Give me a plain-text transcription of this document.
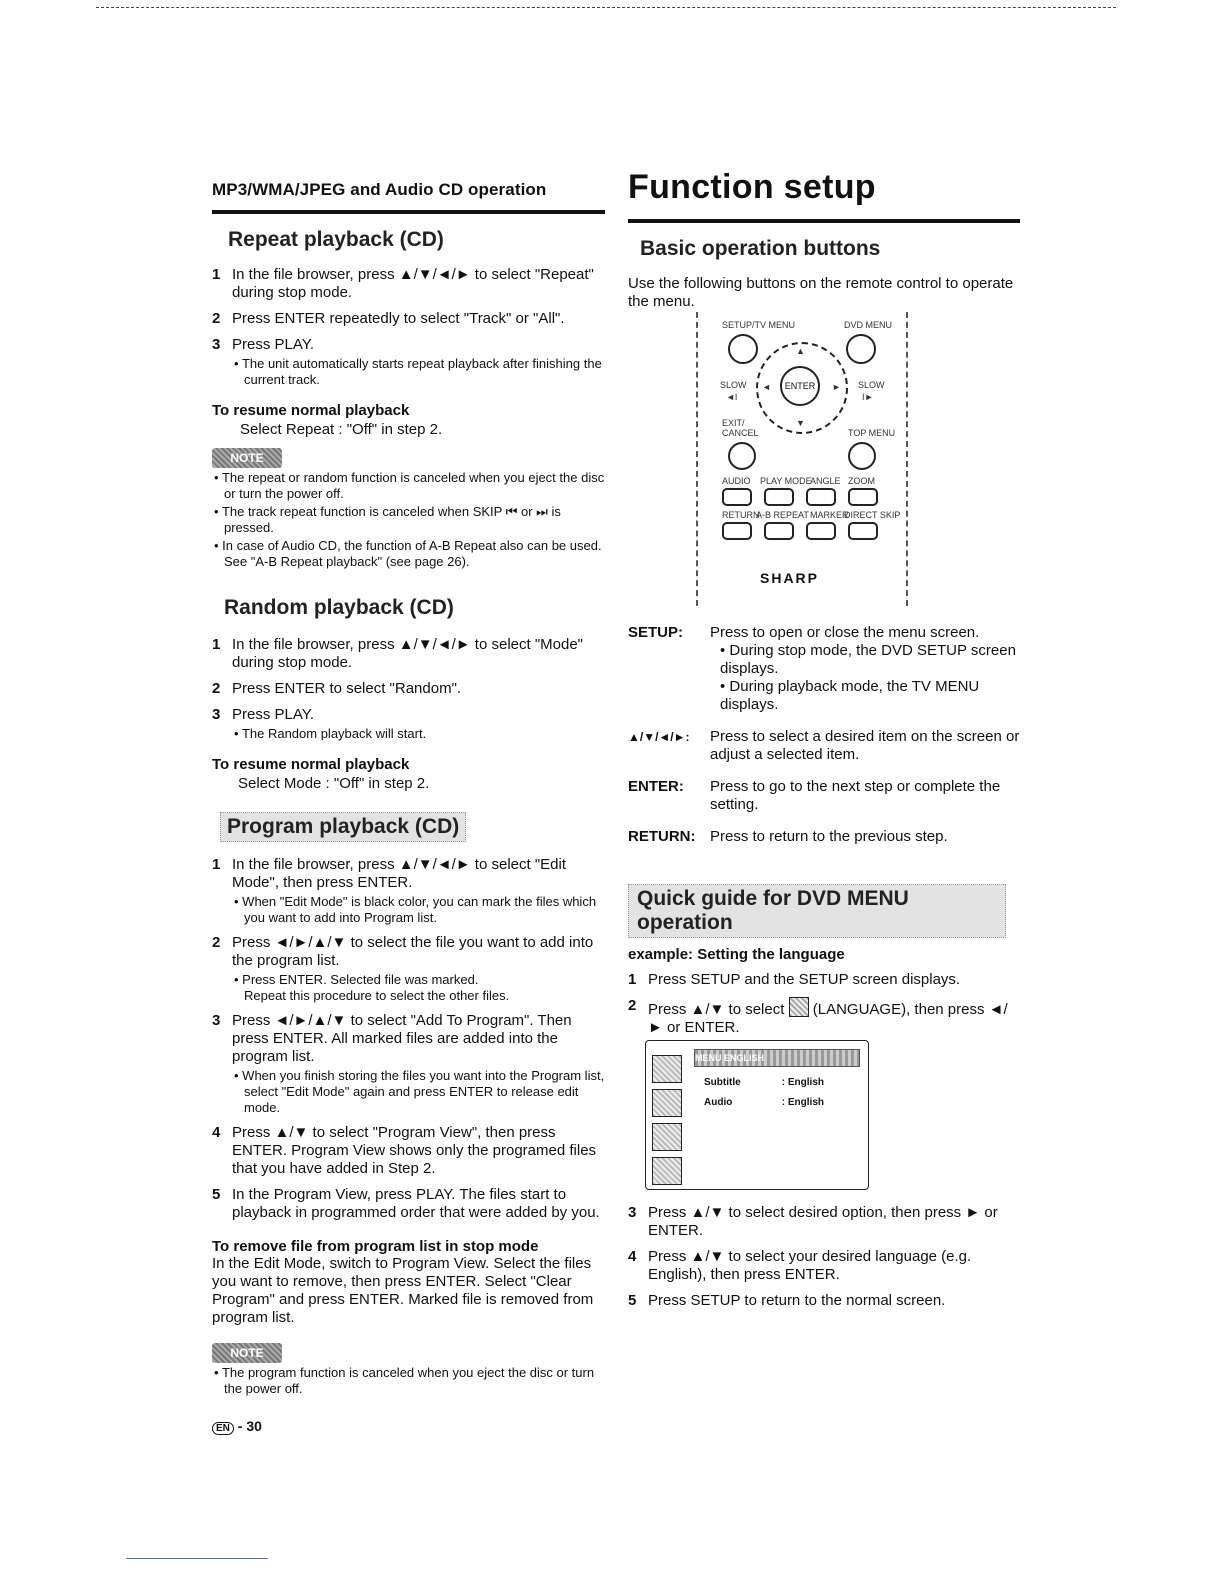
MP3/WMA/JPEG and Audio CD operation
Repeat playback (CD)
1 In the file browser, press ▲/▼/◄/► to select "Repeat" during stop mode.
2 Press ENTER repeatedly to select "Track" or "All".
3 Press PLAY.
• The unit automatically starts repeat playback after finishing the current track.
To resume normal playback
Select Repeat : "Off" in step 2.
NOTE
• The repeat or random function is canceled when you eject the disc or turn the power off.
• The track repeat function is canceled when SKIP ⏮ or ⏭ is pressed.
• In case of Audio CD, the function of A-B Repeat also can be used. See "A-B Repeat playback" (see page 26).
Random playback (CD)
1 In the file browser, press ▲/▼/◄/► to select "Mode" during stop mode.
2 Press ENTER to select "Random".
3 Press PLAY.
• The Random playback will start.
To resume normal playback
Select Mode : "Off" in step 2.
Program playback (CD)
1 In the file browser, press ▲/▼/◄/► to select "Edit Mode", then press ENTER.
• When "Edit Mode" is black color, you can mark the files which you want to add into Program list.
2 Press ◄/►/▲/▼ to select the file you want to add into the program list.
• Press ENTER. Selected file was marked.
Repeat this procedure to select the other files.
3 Press ◄/►/▲/▼ to select "Add To Program". Then press ENTER. All marked files are added into the program list.
• When you finish storing the files you want into the Program list, select "Edit Mode" again and press ENTER to release edit mode.
4 Press ▲/▼ to select "Program View", then press ENTER. Program View shows only the programed files that you have added in Step 2.
5 In the Program View, press PLAY. The files start to playback in programmed order that were added by you.
To remove file from program list in stop mode
In the Edit Mode, switch to Program View. Select the files you want to remove, then press ENTER. Select "Clear Program" and press ENTER. Marked file is removed from program list.
NOTE
• The program function is canceled when you eject the disc or turn the power off.
EN - 30
Function setup
Basic operation buttons
Use the following buttons on the remote control to operate the menu.
SETUP/TV MENU	DVD MENU
▲
▼
◄	►
ENTER
SLOW
◄I
SLOW
I►
EXIT/ CANCEL	TOP MENU
AUDIO PLAY MODE
ANGLE ZOOM
RETURN
A-B REPEAT MARKER
DIRECT SKIP
SHARP
SETUP:	Press to open or close the menu screen.
• During stop mode, the DVD SETUP screen displays.
• During playback mode, the TV MENU displays.
▲/▼/◄/►:	Press to select a desired item on the screen or adjust a selected item.
ENTER:	Press to go to the next step or complete the setting.
RETURN: Press to return to the previous step.
Quick guide for DVD MENU
operation
example: Setting the language
1 Press SETUP and the SETUP screen displays.
2 Press ▲/▼ to select (LANGUAGE), then press ◄/► or ENTER.
MENU ENGLISH
Subtitle	: English
Audio	: English
3 Press ▲/▼ to select desired option, then press ► or ENTER.
4 Press ▲/▼ to select your desired language (e.g. English), then press ENTER.
5 Press SETUP to return to the normal screen.
